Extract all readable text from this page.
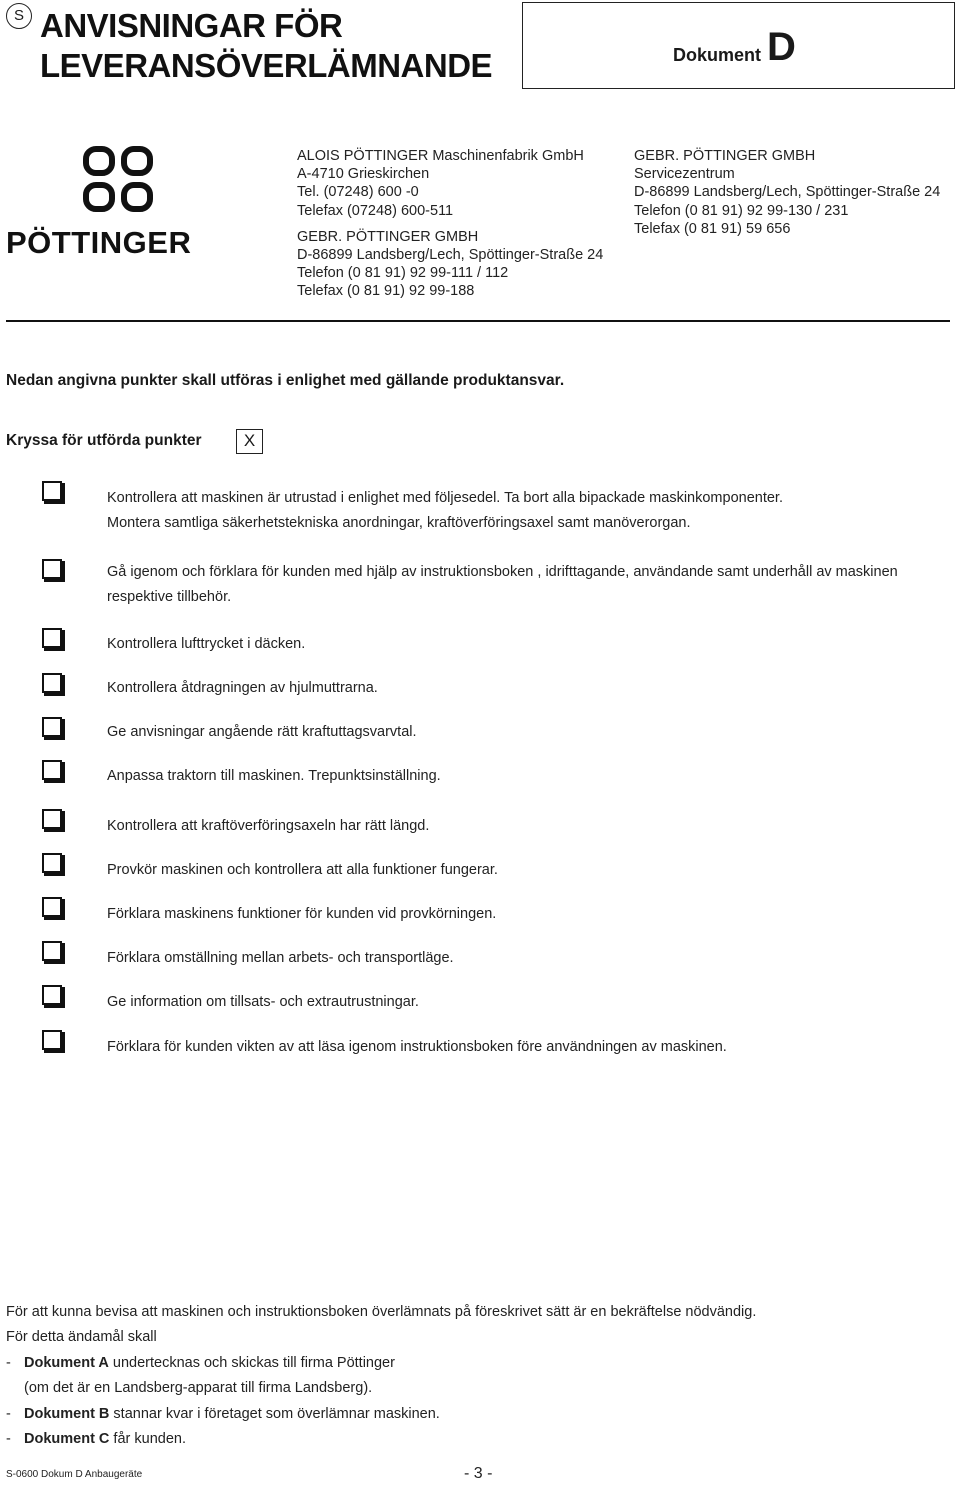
S ANVISNINGAR FÖR
LEVERANSÖVERLÄMNANDE	Dokument D
PÖTTINGER
ALOIS PÖTTINGER Maschinenfabrik GmbH
A-4710 Grieskirchen
Tel. (07248) 600 -0
Telefax (07248) 600-511
GEBR. PÖTTINGER GMBH
D-86899 Landsberg/Lech, Spöttinger-Straße 24
Telefon (0 81 91) 92 99-111 / 112
Telefax (0 81 91) 92 99-188
GEBR. PÖTTINGER GMBH
Servicezentrum
D-86899 Landsberg/Lech, Spöttinger-Straße 24
Telefon (0 81 91) 92 99-130 / 231
Telefax (0 81 91) 59 656
Nedan angivna punkter skall utföras i enlighet med gällande produktansvar.
Kryssa för utförda punkter	X
Kontrollera att maskinen är utrustad i enlighet med följesedel. Ta bort alla bipackade maskinkomponenter.
Montera samtliga säkerhetstekniska anordningar, kraftöverföringsaxel samt manöverorgan.
Gå igenom och förklara för kunden med hjälp av instruktionsboken , idrifttagande, användande samt underhåll av maskinen
respektive tillbehör.
Kontrollera lufttrycket i däcken.
Kontrollera åtdragningen av hjulmuttrarna.
Ge anvisningar angående rätt kraftuttagsvarvtal.
Anpassa traktorn till maskinen. Trepunktsinställning.
Kontrollera att kraftöverföringsaxeln har rätt längd.
Provkör maskinen och kontrollera att alla funktioner fungerar.
Förklara maskinens funktioner för kunden vid provkörningen.
Förklara omställning mellan arbets- och transportläge.
Ge information om tillsats- och extrautrustningar.
Förklara för kunden vikten av att läsa igenom instruktionsboken före användningen av maskinen.
För att kunna bevisa att maskinen och instruktionsboken överlämnats på föreskrivet sätt är en bekräftelse nödvändig.
För detta ändamål skall
- Dokument A undertecknas och skickas till firma Pöttinger
(om det är en Landsberg-apparat till firma Landsberg).
- Dokument B stannar kvar i företaget som överlämnar maskinen.
- Dokument C får kunden.
S-0600 Dokum D Anbaugeräte	- 3 -
